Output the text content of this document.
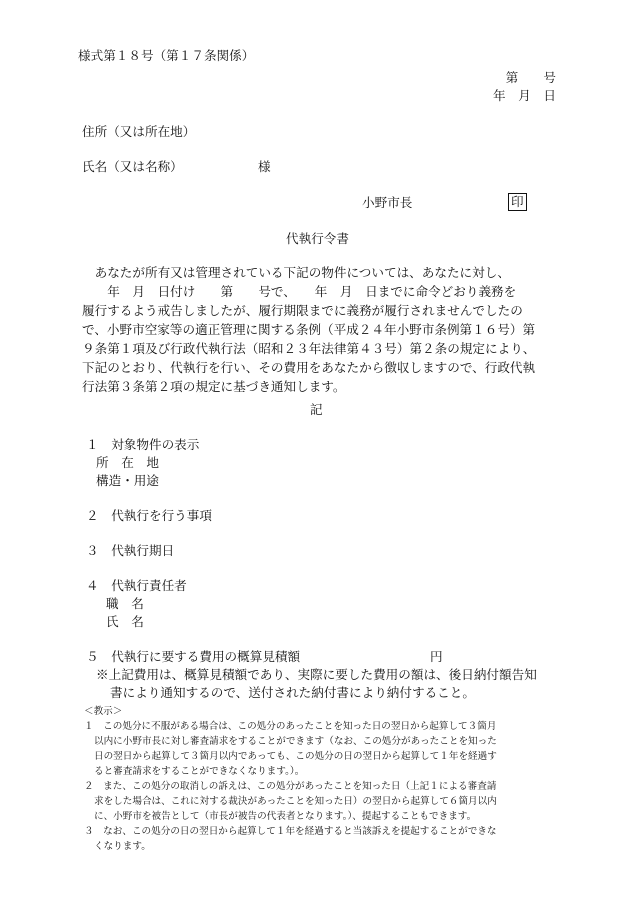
様式第１８号（第１７条関係）
第　　号
年　月　日
住所（又は所在地）
氏名（又は名称）	様
小野市長	印
代執行令書
　あなたが所有又は管理されている下記の物件については、あなたに対し、
　　年　月　日付け　　第　　号で、　　年　月　日までに命令どおり義務を
履行するよう戒告しましたが、履行期限までに義務が履行されませんでしたの
で、小野市空家等の適正管理に関する条例（平成２４年小野市条例第１６号）第
９条第１項及び行政代執行法（昭和２３年法律第４３号）第２条の規定により、
下記のとおり、代執行を行い、その費用をあなたから徴収しますので、行政代執
行法第３条第２項の規定に基づき通知します。
記
１　対象物件の表示
所　在　地
構造・用途
２　代執行を行う事項
３　代執行期日
４　代執行責任者
職　名
氏　名
５　代執行に要する費用の概算見積額	円
※上記費用は、概算見積額であり、実際に要した費用の額は、後日納付額告知
書により通知するので、送付された納付書により納付すること。
＜教示＞
１　この処分に不服がある場合は、この処分のあったことを知った日の翌日から起算して３箇月
以内に小野市長に対し審査請求をすることができます（なお、この処分があったことを知った
日の翌日から起算して３箇月以内であっても、この処分の日の翌日から起算して１年を経過す
ると審査請求をすることができなくなります。）。
２　また、この処分の取消しの訴えは、この処分があったことを知った日（上記１による審査請
求をした場合は、これに対する裁決があったことを知った日）の翌日から起算して６箇月以内
に、小野市を被告として（市長が被告の代表者となります。）、提起することもできます。
３　なお、この処分の日の翌日から起算して１年を経過すると当該訴えを提起することができな
くなります。
